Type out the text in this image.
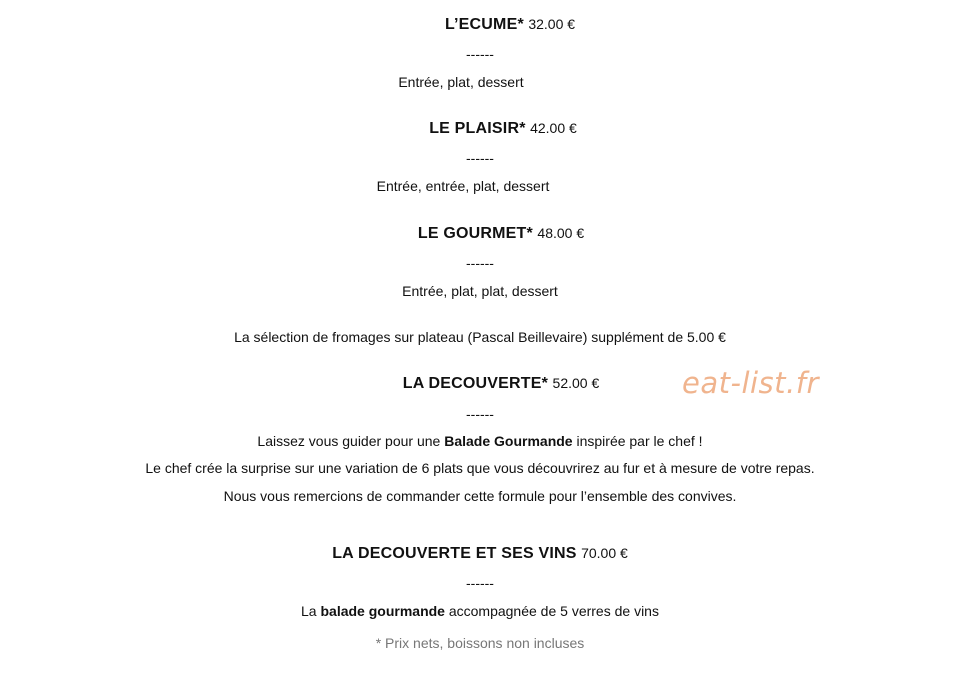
L’ECUME* 32.00 €
------
Entrée, plat, dessert
LE PLAISIR* 42.00 €
------
Entrée, entrée, plat, dessert
LE GOURMET* 48.00 €
------
Entrée, plat, plat, dessert
La sélection de fromages sur plateau (Pascal Beillevaire) supplément de 5.00 €
LA DECOUVERTE* 52.00 €	eat-list.fr
------
Laissez vous guider pour une Balade Gourmande inspirée par le chef !
Le chef crée la surprise sur une variation de 6 plats que vous découvrirez au fur et à mesure de votre repas.
Nous vous remercions de commander cette formule pour l’ensemble des convives.
LA DECOUVERTE ET SES VINS 70.00 €
------
La balade gourmande accompagnée de 5 verres de vins
* Prix nets, boissons non incluses
